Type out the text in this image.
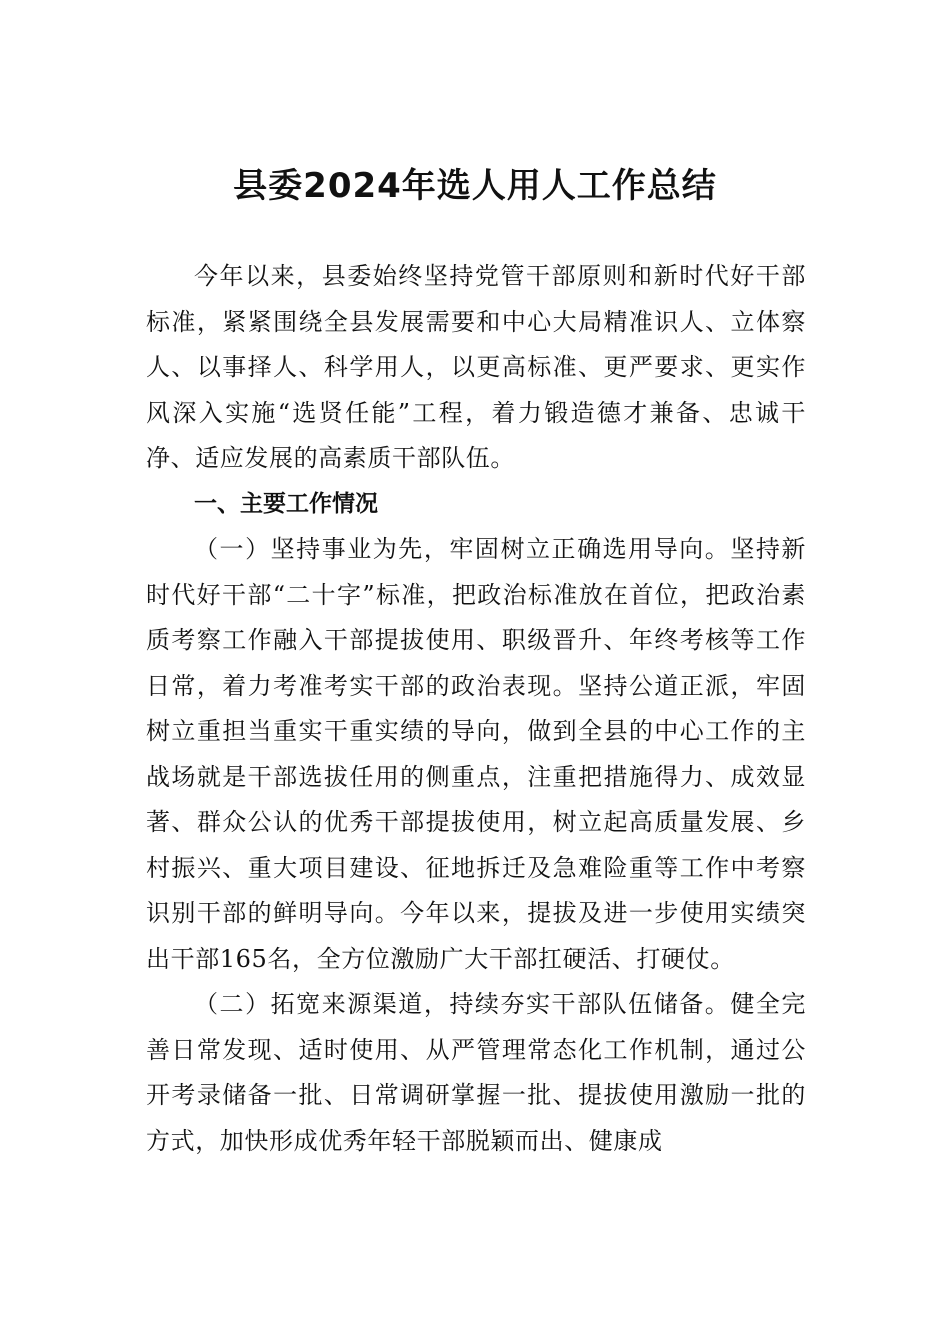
县委2024年选人用人工作总结

今年以来，县委始终坚持党管干部原则和新时代好干部标准，紧紧围绕全县发展需要和中心大局精准识人、立体察人、以事择人、科学用人，以更高标准、更严要求、更实作风深入实施“选贤任能”工程，着力锻造德才兼备、忠诚干净、适应发展的高素质干部队伍。

一、主要工作情况

（一）坚持事业为先，牢固树立正确选用导向。坚持新时代好干部“二十字”标准，把政治标准放在首位，把政治素质考察工作融入干部提拔使用、职级晋升、年终考核等工作日常，着力考准考实干部的政治表现。坚持公道正派，牢固树立重担当重实干重实绩的导向，做到全县的中心工作的主战场就是干部选拔任用的侧重点，注重把措施得力、成效显著、群众公认的优秀干部提拔使用，树立起高质量发展、乡村振兴、重大项目建设、征地拆迁及急难险重等工作中考察识别干部的鲜明导向。今年以来，提拔及进一步使用实绩突出干部165名，全方位激励广大干部扛硬活、打硬仗。

（二）拓宽来源渠道，持续夯实干部队伍储备。健全完善日常发现、适时使用、从严管理常态化工作机制，通过公开考录储备一批、日常调研掌握一批、提拔使用激励一批的方式，加快形成优秀年轻干部脱颖而出、健康成
